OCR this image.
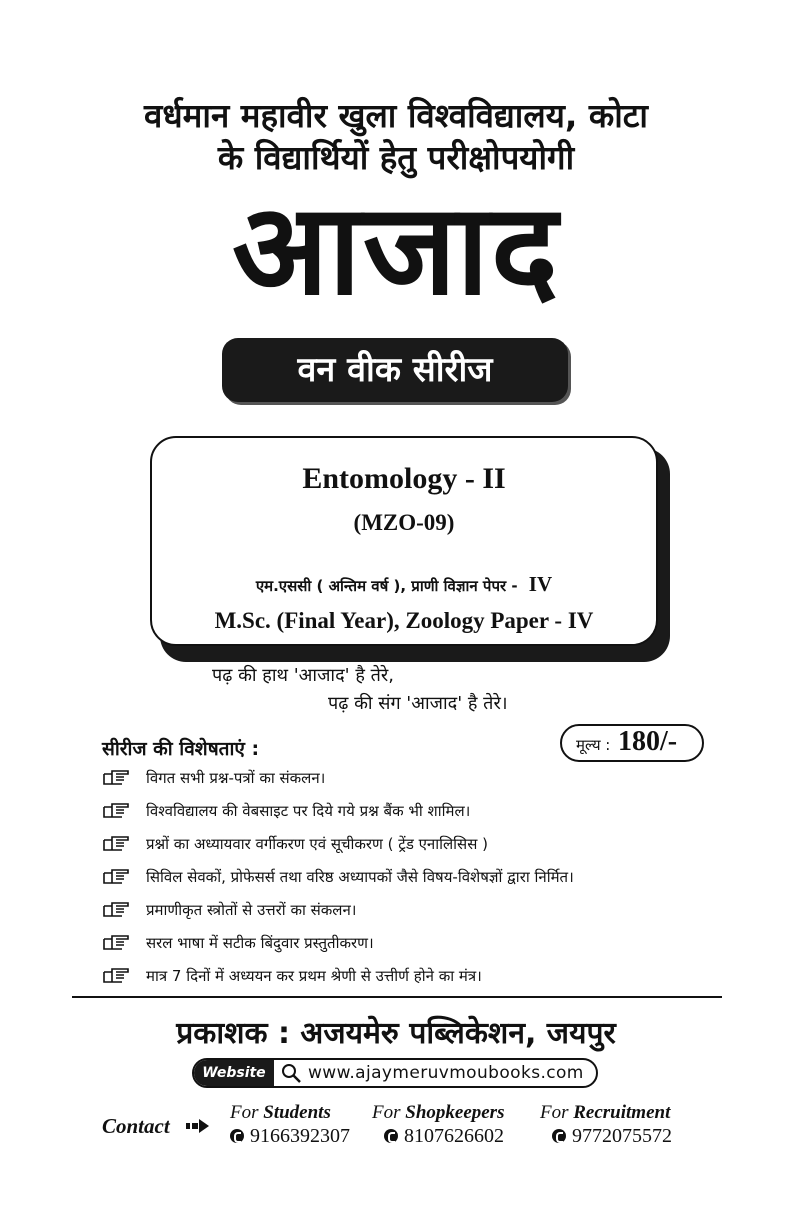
वर्धमान महावीर खुला विश्वविद्यालय, कोटा
के विद्यार्थियों हेतु परीक्षोपयोगी
आजाद
वन वीक सीरीज
Entomology - II
(MZO-09)
एम.एससी ( अन्तिम वर्ष ), प्राणी विज्ञान पेपर - IV
M.Sc. (Final Year), Zoology Paper - IV
पढ़ की हाथ 'आजाद' है तेरे,
पढ़ की संग 'आजाद' है तेरे।
सीरीज की विशेषताएं :	मूल्य : 180/-
विगत सभी प्रश्न-पत्रों का संकलन।
विश्वविद्यालय की वेबसाइट पर दिये गये प्रश्न बैंक भी शामिल।
प्रश्नों का अध्यायवार वर्गीकरण एवं सूचीकरण ( ट्रेंड एनालिसिस )
सिविल सेवकों, प्रोफेसर्स तथा वरिष्ठ अध्यापकों जैसे विषय-विशेषज्ञों द्वारा निर्मित।
प्रमाणीकृत स्त्रोतों से उत्तरों का संकलन।
सरल भाषा में सटीक बिंदुवार प्रस्तुतीकरण।
मात्र 7 दिनों में अध्ययन कर प्रथम श्रेणी से उत्तीर्ण होने का मंत्र।
प्रकाशक : अजयमेरु पब्लिकेशन, जयपुर
Website	www.ajaymeruvmoubooks.com
Contact
For Students
9166392307
For Shopkeepers
8107626602
For Recruitment
9772075572
